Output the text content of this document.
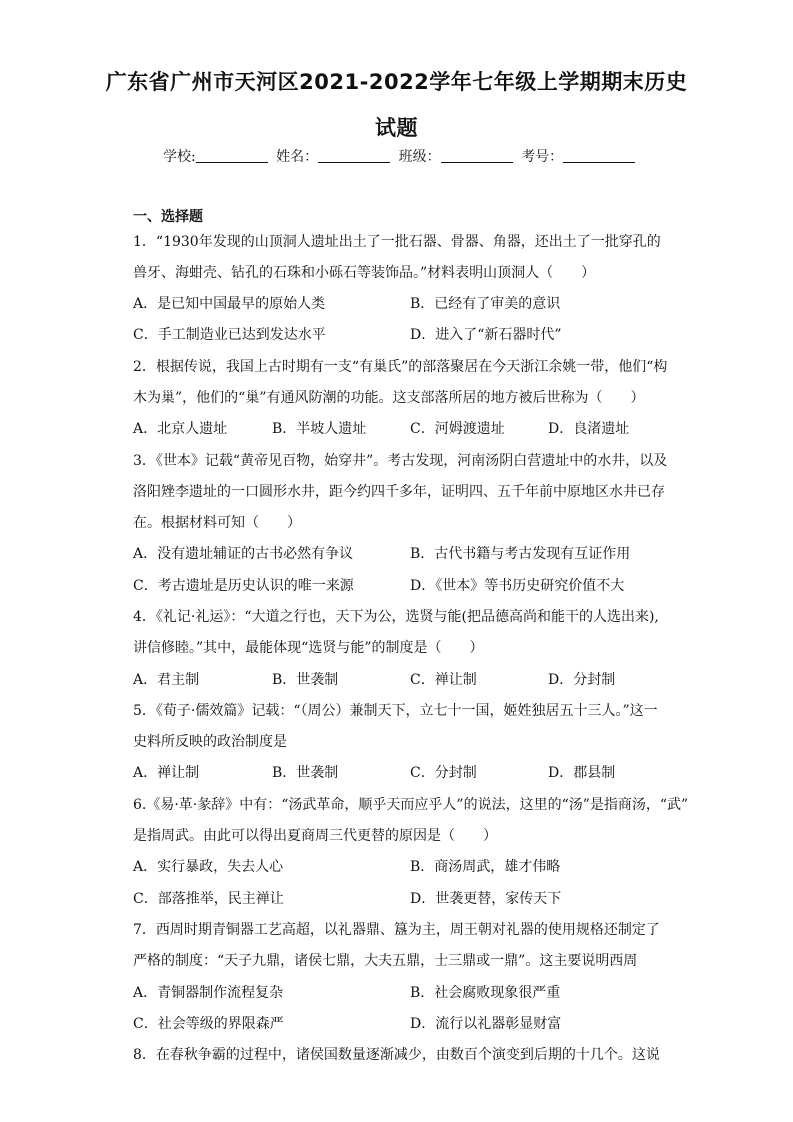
广东省广州市天河区2021-2022学年七年级上学期期末历史
试题
学校:	姓名：	班级：	考号：
一、选择题
1．“1930年发现的山顶洞人遗址出土了一批石器、骨器、角器，还出土了一批穿孔的
兽牙、海蚶壳、钻孔的石珠和小砾石等装饰品。”材料表明山顶洞人（　　）
A．是已知中国最早的原始人类	B．已经有了审美的意识
C．手工制造业已达到发达水平	D．进入了“新石器时代”
2．根据传说，我国上古时期有一支“有巢氏”的部落聚居在今天浙江余姚一带，他们“构
木为巢”，他们的“巢”有通风防潮的功能。这支部落所居的地方被后世称为（　　）
A．北京人遗址	B．半坡人遗址	C．河姆渡遗址	D．良渚遗址
3．《世本》记载“黄帝见百物，始穿井”。考古发现，河南汤阴白营遗址中的水井，以及
洛阳矬李遗址的一口圆形水井，距今约四千多年，证明四、五千年前中原地区水井已存
在。根据材料可知（　　）
A．没有遗址辅证的古书必然有争议	B．古代书籍与考古发现有互证作用
C．考古遗址是历史认识的唯一来源	D．《世本》等书历史研究价值不大
4．《礼记·礼运》：“大道之行也，天下为公，选贤与能(把品德高尚和能干的人选出来),
讲信修睦。”其中，最能体现“选贤与能”的制度是（　　）
A．君主制	B．世袭制	C．禅让制	D．分封制
5．《荀子·儒效篇》记载：“（周公）兼制天下，立七十一国，姬姓独居五十三人。”这一
史料所反映的政治制度是
A．禅让制	B．世袭制	C．分封制	D．郡县制
6.《易·革·彖辞》中有：“汤武革命，顺乎天而应乎人”的说法，这里的“汤”是指商汤，“武”
是指周武。由此可以得出夏商周三代更替的原因是（　　）
A．实行暴政，失去人心	B．商汤周武，雄才伟略
C．部落推举，民主禅让	D．世袭更替，家传天下
7．西周时期青铜器工艺高超，以礼器鼎、簋为主，周王朝对礼器的使用规格还制定了
严格的制度：“天子九鼎，诸侯七鼎，大夫五鼎，士三鼎或一鼎”。这主要说明西周
A．青铜器制作流程复杂	B．社会腐败现象很严重
C．社会等级的界限森严	D．流行以礼器彰显财富
8．在春秋争霸的过程中，诸侯国数量逐渐减少，由数百个演变到后期的十几个。这说
